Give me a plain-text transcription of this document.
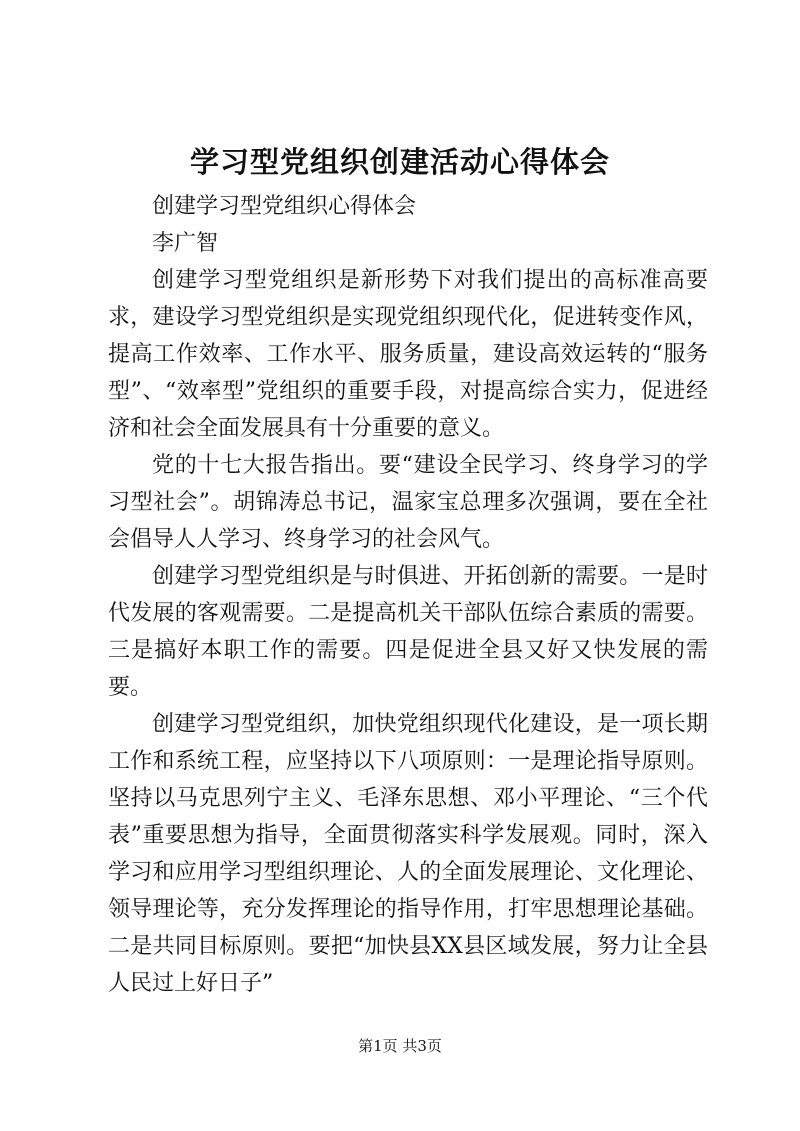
学习型党组织创建活动心得体会

创建学习型党组织心得体会

李广智

创建学习型党组织是新形势下对我们提出的高标准高要求，建设学习型党组织是实现党组织现代化，促进转变作风，提高工作效率、工作水平、服务质量，建设高效运转的“服务型”、“效率型”党组织的重要手段，对提高综合实力，促进经济和社会全面发展具有十分重要的意义。

党的十七大报告指出。要“建设全民学习、终身学习的学习型社会”。胡锦涛总书记，温家宝总理多次强调，要在全社会倡导人人学习、终身学习的社会风气。

创建学习型党组织是与时俱进、开拓创新的需要。一是时代发展的客观需要。二是提高机关干部队伍综合素质的需要。三是搞好本职工作的需要。四是促进全县又好又快发展的需要。

创建学习型党组织，加快党组织现代化建设，是一项长期工作和系统工程，应坚持以下八项原则：一是理论指导原则。坚持以马克思列宁主义、毛泽东思想、邓小平理论、“三个代表”重要思想为指导，全面贯彻落实科学发展观。同时，深入学习和应用学习型组织理论、人的全面发展理论、文化理论、领导理论等，充分发挥理论的指导作用，打牢思想理论基础。二是共同目标原则。要把“加快县XX县区域发展，努力让全县人民过上好日子”

第1页 共3页
